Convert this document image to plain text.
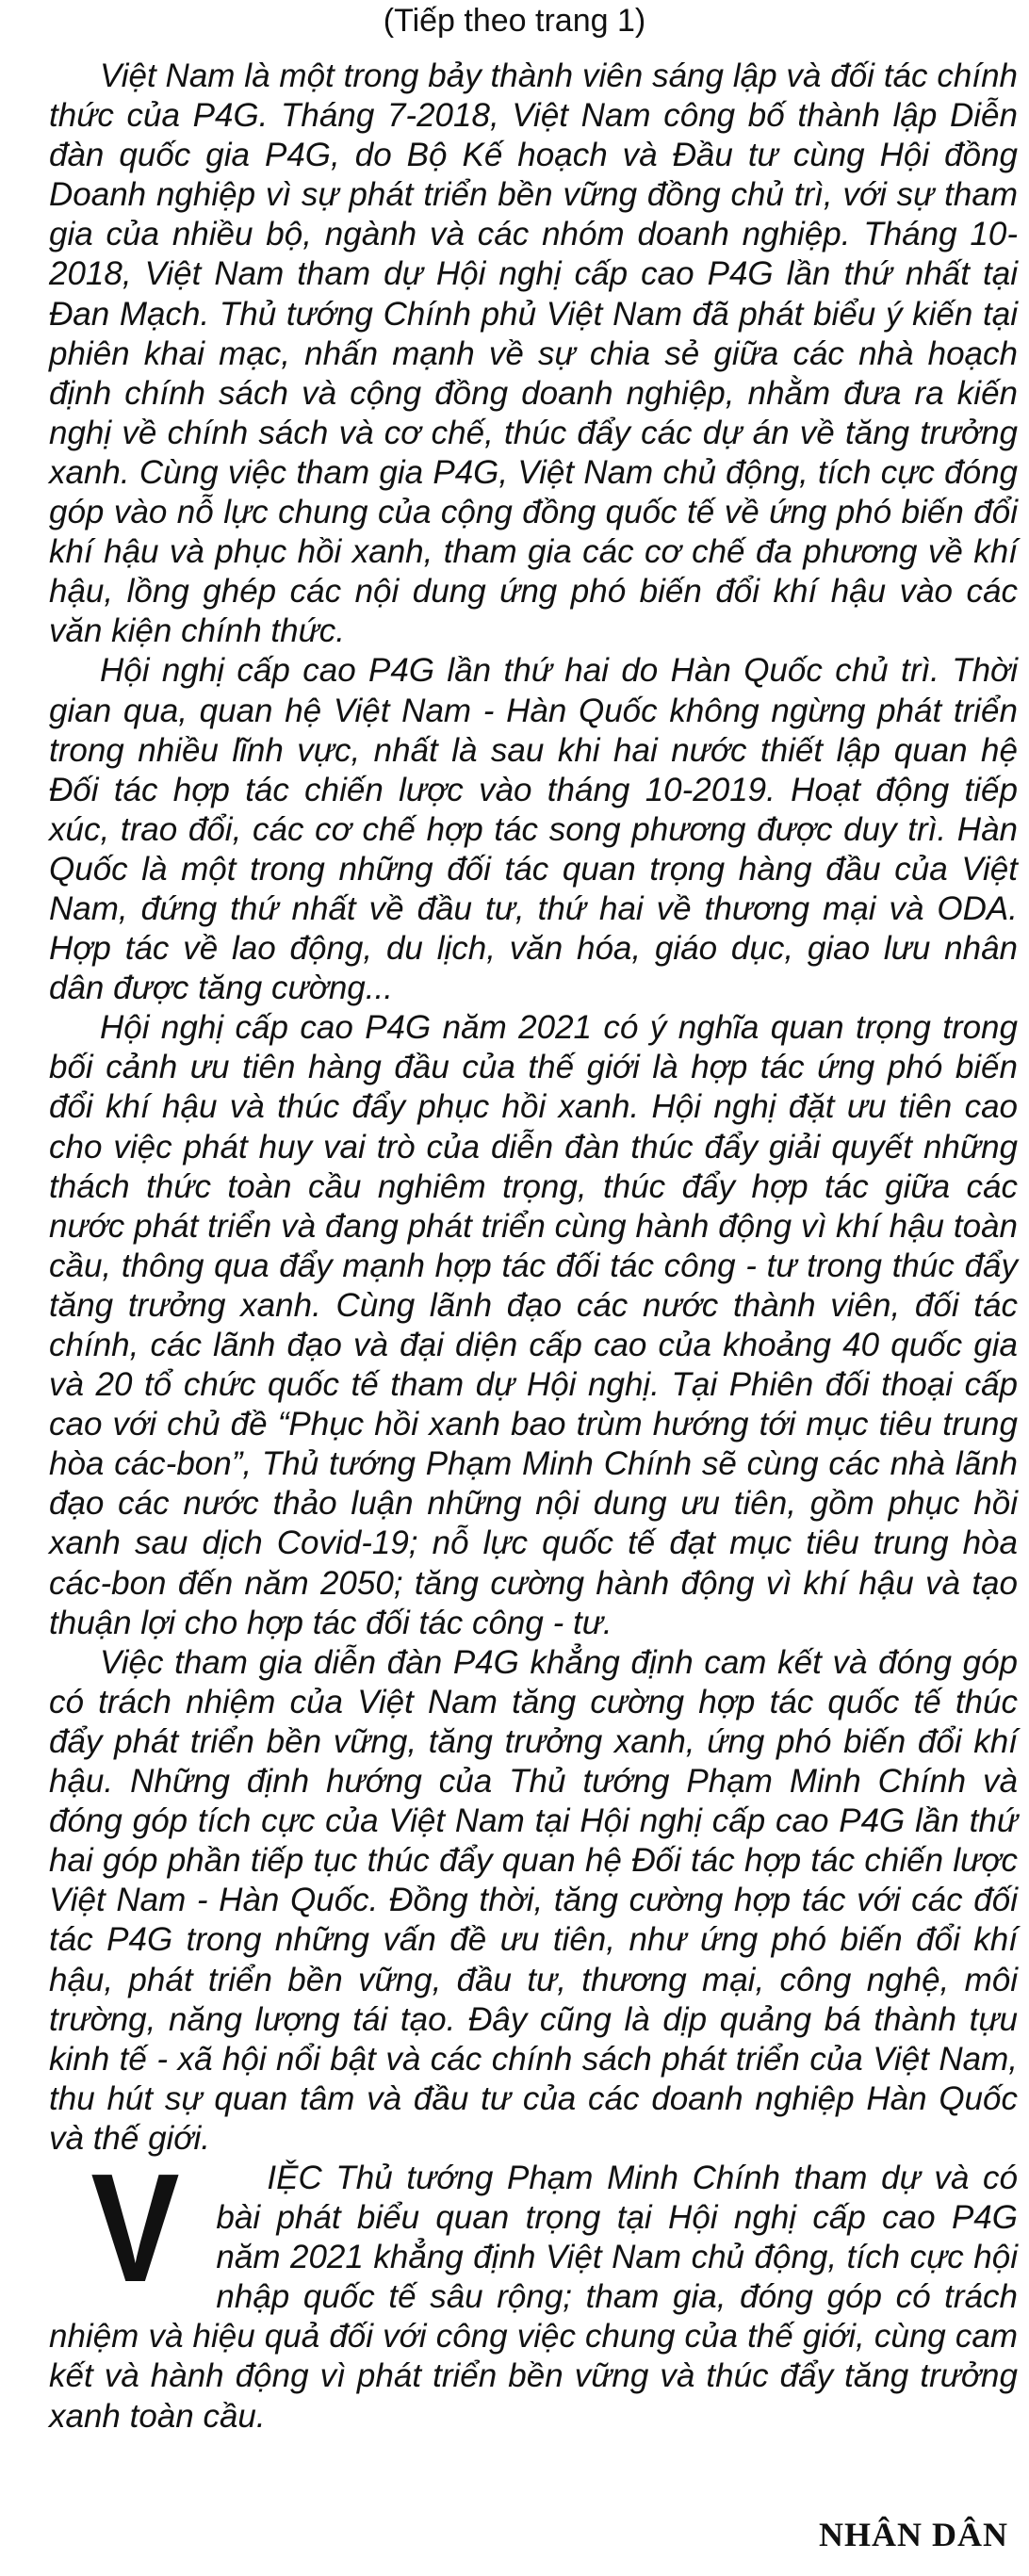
(Tiếp theo trang 1)

Việt Nam là một trong bảy thành viên sáng lập và đối tác chính thức của P4G. Tháng 7-2018, Việt Nam công bố thành lập Diễn đàn quốc gia P4G, do Bộ Kế hoạch và Đầu tư cùng Hội đồng Doanh nghiệp vì sự phát triển bền vững đồng chủ trì, với sự tham gia của nhiều bộ, ngành và các nhóm doanh nghiệp. Tháng 10-2018, Việt Nam tham dự Hội nghị cấp cao P4G lần thứ nhất tại Đan Mạch. Thủ tướng Chính phủ Việt Nam đã phát biểu ý kiến tại phiên khai mạc, nhấn mạnh về sự chia sẻ giữa các nhà hoạch định chính sách và cộng đồng doanh nghiệp, nhằm đưa ra kiến nghị về chính sách và cơ chế, thúc đẩy các dự án về tăng trưởng xanh. Cùng việc tham gia P4G, Việt Nam chủ động, tích cực đóng góp vào nỗ lực chung của cộng đồng quốc tế về ứng phó biến đổi khí hậu và phục hồi xanh, tham gia các cơ chế đa phương về khí hậu, lồng ghép các nội dung ứng phó biến đổi khí hậu vào các văn kiện chính thức.

Hội nghị cấp cao P4G lần thứ hai do Hàn Quốc chủ trì. Thời gian qua, quan hệ Việt Nam - Hàn Quốc không ngừng phát triển trong nhiều lĩnh vực, nhất là sau khi hai nước thiết lập quan hệ Đối tác hợp tác chiến lược vào tháng 10-2019. Hoạt động tiếp xúc, trao đổi, các cơ chế hợp tác song phương được duy trì. Hàn Quốc là một trong những đối tác quan trọng hàng đầu của Việt Nam, đứng thứ nhất về đầu tư, thứ hai về thương mại và ODA. Hợp tác về lao động, du lịch, văn hóa, giáo dục, giao lưu nhân dân được tăng cường...

Hội nghị cấp cao P4G năm 2021 có ý nghĩa quan trọng trong bối cảnh ưu tiên hàng đầu của thế giới là hợp tác ứng phó biến đổi khí hậu và thúc đẩy phục hồi xanh. Hội nghị đặt ưu tiên cao cho việc phát huy vai trò của diễn đàn thúc đẩy giải quyết những thách thức toàn cầu nghiêm trọng, thúc đẩy hợp tác giữa các nước phát triển và đang phát triển cùng hành động vì khí hậu toàn cầu, thông qua đẩy mạnh hợp tác đối tác công - tư trong thúc đẩy tăng trưởng xanh. Cùng lãnh đạo các nước thành viên, đối tác chính, các lãnh đạo và đại diện cấp cao của khoảng 40 quốc gia và 20 tổ chức quốc tế tham dự Hội nghị. Tại Phiên đối thoại cấp cao với chủ đề “Phục hồi xanh bao trùm hướng tới mục tiêu trung hòa các-bon”, Thủ tướng Phạm Minh Chính sẽ cùng các nhà lãnh đạo các nước thảo luận những nội dung ưu tiên, gồm phục hồi xanh sau dịch Covid-19; nỗ lực quốc tế đạt mục tiêu trung hòa các-bon đến năm 2050; tăng cường hành động vì khí hậu và tạo thuận lợi cho hợp tác đối tác công - tư.

Việc tham gia diễn đàn P4G khẳng định cam kết và đóng góp có trách nhiệm của Việt Nam tăng cường hợp tác quốc tế thúc đẩy phát triển bền vững, tăng trưởng xanh, ứng phó biến đổi khí hậu. Những định hướng của Thủ tướng Phạm Minh Chính và đóng góp tích cực của Việt Nam tại Hội nghị cấp cao P4G lần thứ hai góp phần tiếp tục thúc đẩy quan hệ Đối tác hợp tác chiến lược Việt Nam - Hàn Quốc. Đồng thời, tăng cường hợp tác với các đối tác P4G trong những vấn đề ưu tiên, như ứng phó biến đổi khí hậu, phát triển bền vững, đầu tư, thương mại, công nghệ, môi trường, năng lượng tái tạo. Đây cũng là dịp quảng bá thành tựu kinh tế - xã hội nổi bật và các chính sách phát triển của Việt Nam, thu hút sự quan tâm và đầu tư của các doanh nghiệp Hàn Quốc và thế giới.

V	IỆC Thủ tướng Phạm Minh Chính tham dự và có bài phát biểu quan trọng tại Hội nghị cấp cao P4G năm 2021 khẳng định Việt Nam chủ động, tích cực hội nhập quốc tế sâu rộng; tham gia, đóng góp có trách nhiệm và hiệu quả đối với công việc chung của thế giới, cùng cam kết và hành động vì phát triển bền vững và thúc đẩy tăng trưởng xanh toàn cầu.

NHÂN DÂN
